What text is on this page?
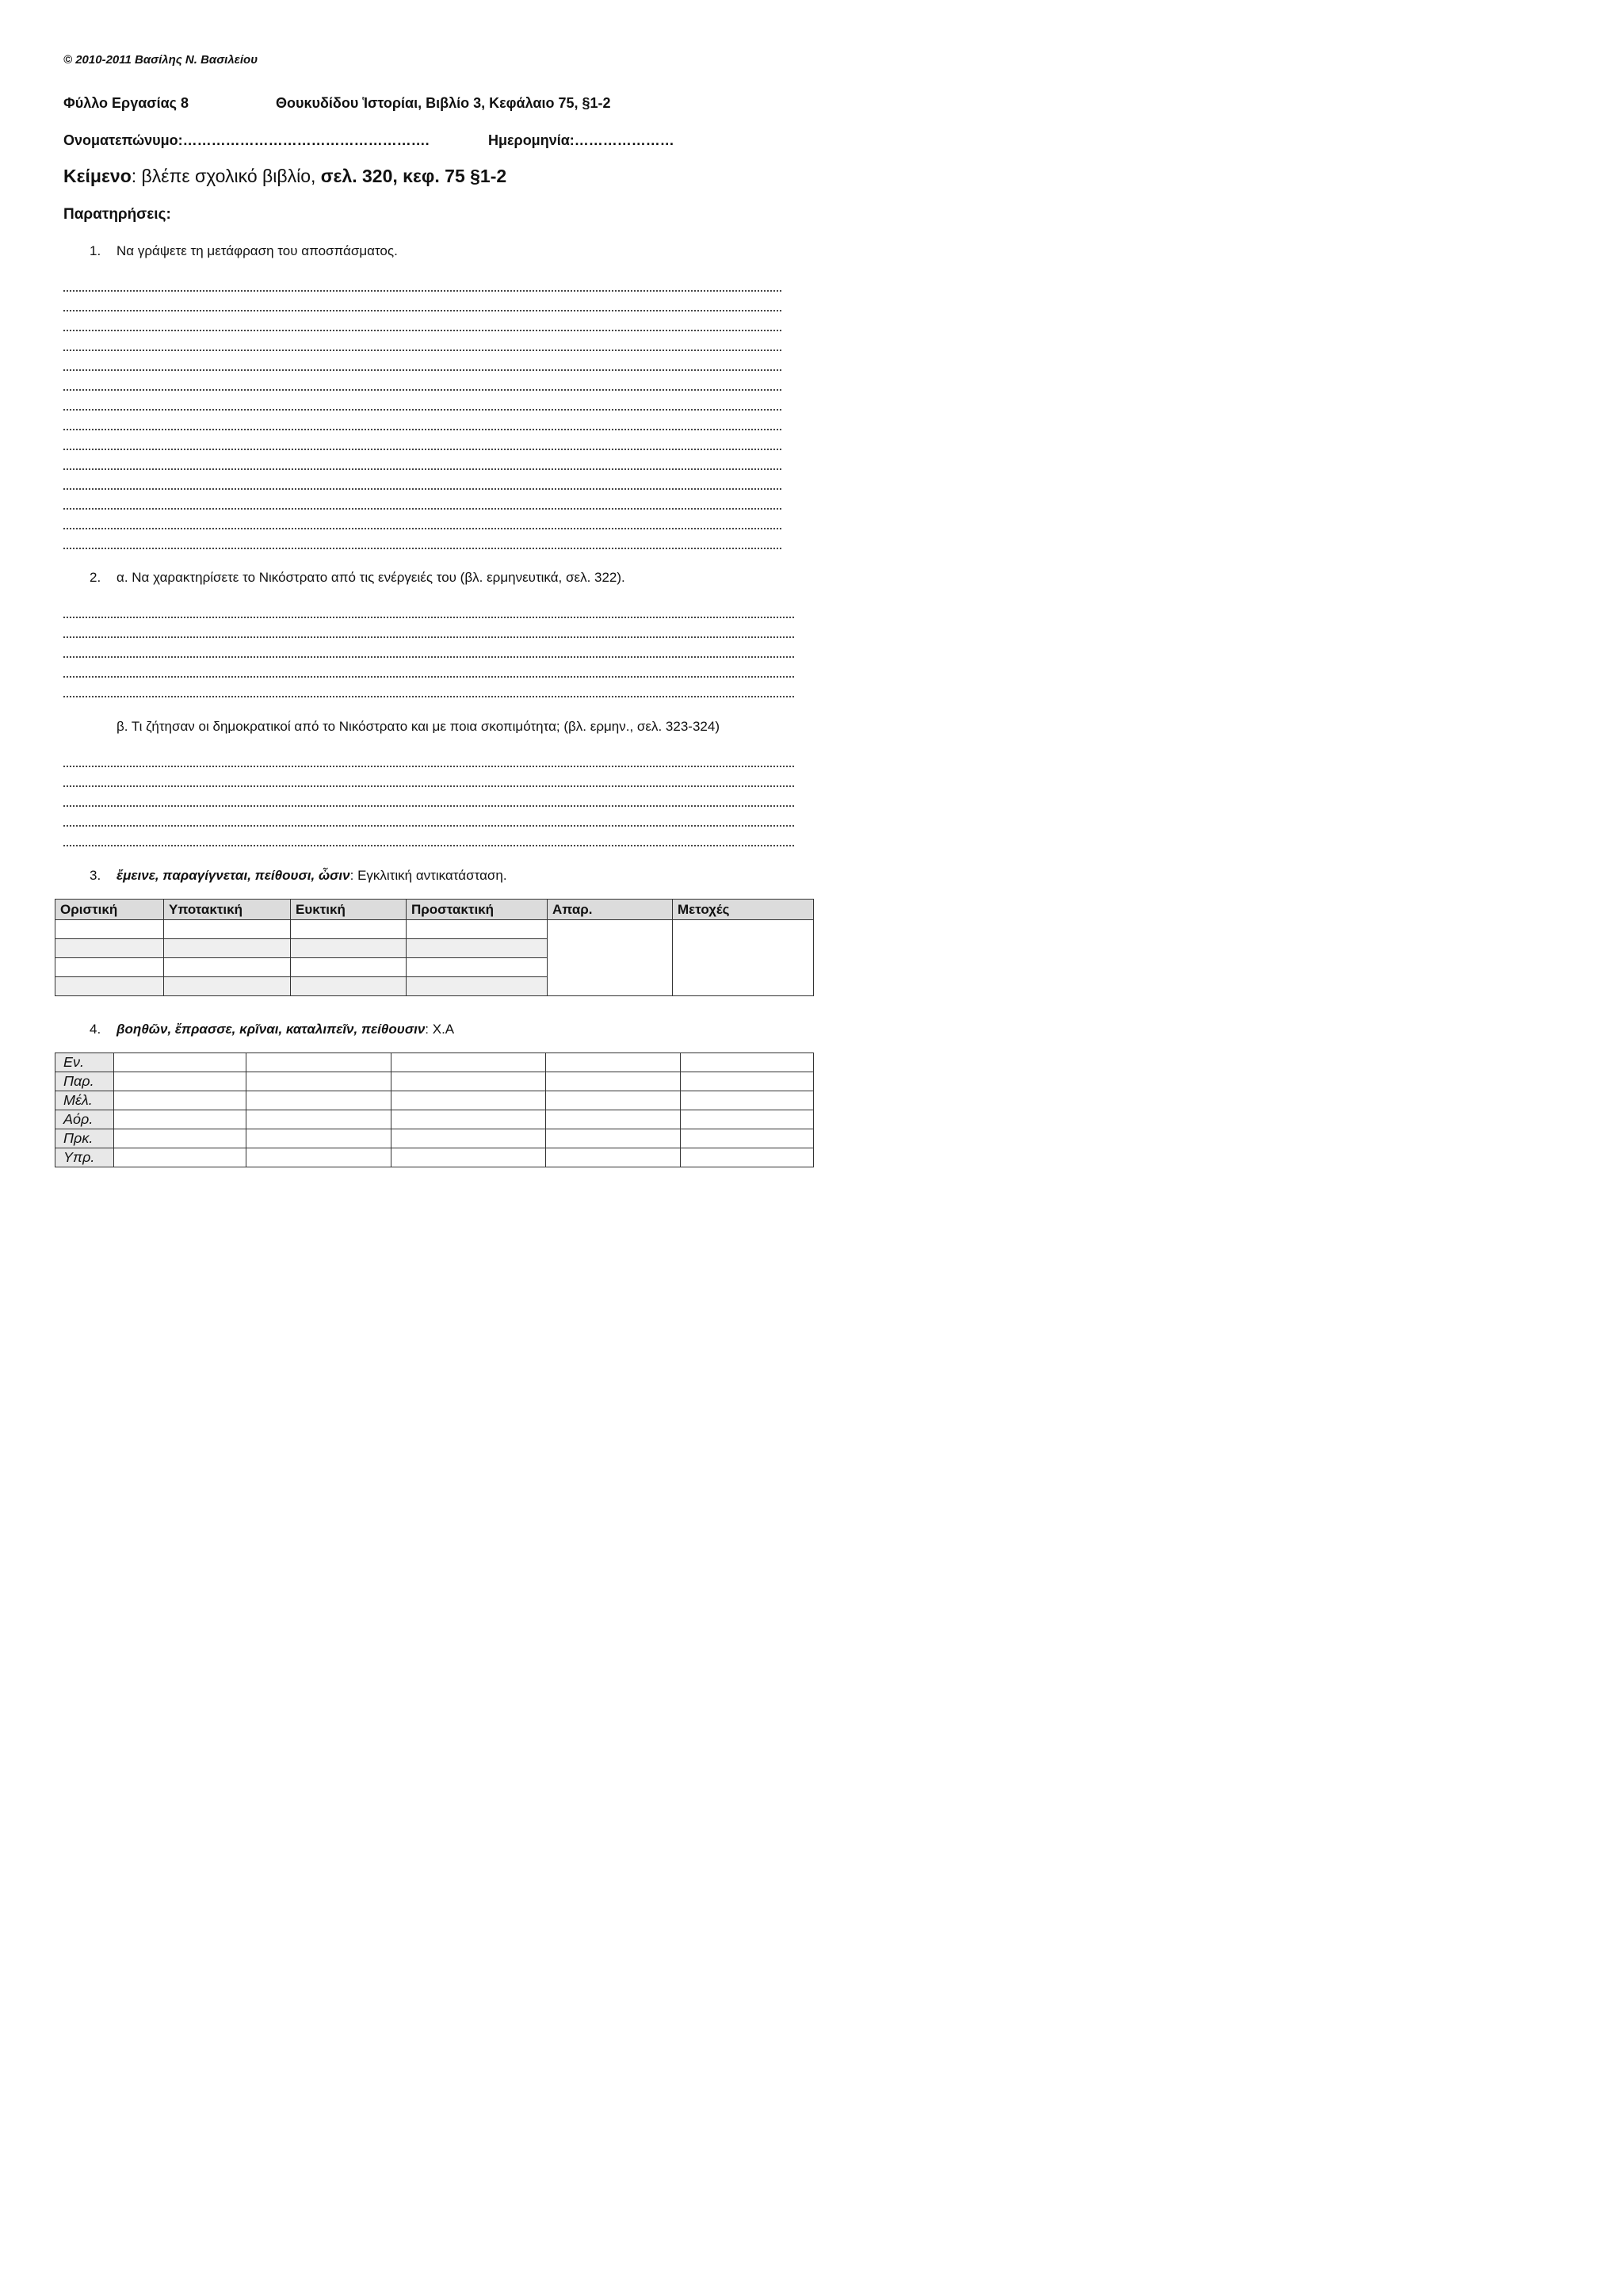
© 2010-2011 Βασίλης Ν. Βασιλείου
Φύλλο Εργασίας 8	Θουκυδίδου Ἱστορίαι, Βιβλίο 3, Κεφάλαιο 75, §1-2
Ονοματεπώνυμο:…………………………………………….	Ημερομηνία:…………………
Κείμενο: βλέπε σχολικό βιβλίο, σελ. 320, κεφ. 75 §1-2
Παρατηρήσεις:
1. Να γράψετε τη μετάφραση του αποσπάσματος.
2. α. Να χαρακτηρίσετε το Νικόστρατο από τις ενέργειές του (βλ. ερμηνευτικά, σελ. 322).
β. Τι ζήτησαν οι δημοκρατικοί από το Νικόστρατο και με ποια σκοπιμότητα; (βλ. ερμην., σελ. 323-324)
3. ἔμεινε, παραγίγνεται, πείθουσι, ὦσιν: Εγκλιτική αντικατάσταση.
Οριστική	Υποτακτική	Ευκτική	Προστακτική	Απαρ.	Μετοχές

4. βοηθῶν, ἔπρασσε, κρῖναι, καταλιπεῖν, πείθουσιν: Χ.Α
Εν.					
Παρ.					
Μέλ.					
Αόρ.					
Πρκ.					
Υπρ.					
